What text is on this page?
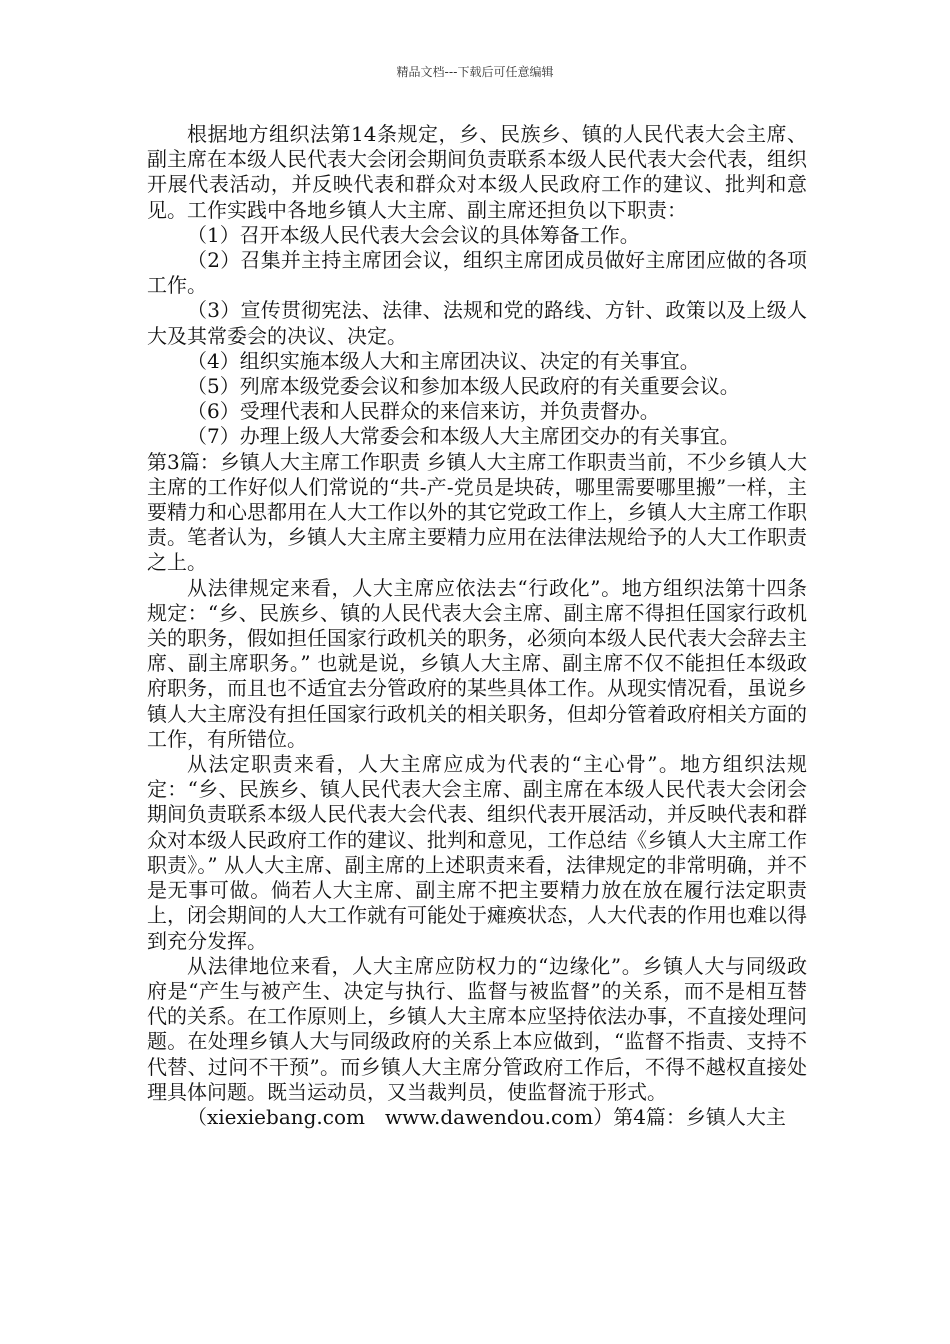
精品文档---下载后可任意编辑

根据地方组织法第14条规定，乡、民族乡、镇的人民代表大会主席、副主席在本级人民代表大会闭会期间负责联系本级人民代表大会代表，组织开展代表活动，并反映代表和群众对本级人民政府工作的建议、批判和意见。工作实践中各地乡镇人大主席、副主席还担负以下职责：

（1）召开本级人民代表大会会议的具体筹备工作。

（2）召集并主持主席团会议，组织主席团成员做好主席团应做的各项工作。

（3）宣传贯彻宪法、法律、法规和党的路线、方针、政策以及上级人大及其常委会的决议、决定。

（4）组织实施本级人大和主席团决议、决定的有关事宜。

（5）列席本级党委会议和参加本级人民政府的有关重要会议。

（6）受理代表和人民群众的来信来访，并负责督办。

（7）办理上级人大常委会和本级人大主席团交办的有关事宜。

第3篇：乡镇人大主席工作职责 乡镇人大主席工作职责当前，不少乡镇人大主席的工作好似人们常说的“共-产-党员是块砖，哪里需要哪里搬”一样，主要精力和心思都用在人大工作以外的其它党政工作上，乡镇人大主席工作职责。笔者认为，乡镇人大主席主要精力应用在法律法规给予的人大工作职责之上。

从法律规定来看，人大主席应依法去“行政化”。地方组织法第十四条规定：“乡、民族乡、镇的人民代表大会主席、副主席不得担任国家行政机关的职务，假如担任国家行政机关的职务，必须向本级人民代表大会辞去主席、副主席职务。” 也就是说，乡镇人大主席、副主席不仅不能担任本级政府职务，而且也不适宜去分管政府的某些具体工作。从现实情况看，虽说乡镇人大主席没有担任国家行政机关的相关职务，但却分管着政府相关方面的工作，有所错位。

从法定职责来看，人大主席应成为代表的“主心骨”。地方组织法规定：“乡、民族乡、镇人民代表大会主席、副主席在本级人民代表大会闭会期间负责联系本级人民代表大会代表、组织代表开展活动，并反映代表和群众对本级人民政府工作的建议、批判和意见，工作总结《乡镇人大主席工作职责》。” 从人大主席、副主席的上述职责来看，法律规定的非常明确，并不是无事可做。倘若人大主席、副主席不把主要精力放在放在履行法定职责上，闭会期间的人大工作就有可能处于瘫痪状态，人大代表的作用也难以得到充分发挥。

从法律地位来看，人大主席应防权力的“边缘化”。乡镇人大与同级政府是“产生与被产生、决定与执行、监督与被监督”的关系，而不是相互替代的关系。在工作原则上，乡镇人大主席本应坚持依法办事，不直接处理问题。在处理乡镇人大与同级政府的关系上本应做到，“监督不指责、支持不代替、过问不干预”。而乡镇人大主席分管政府工作后，不得不越权直接处理具体问题。既当运动员，又当裁判员，使监督流于形式。

（xiexiebang.com　www.dawendou.com）第4篇：乡镇人大主
